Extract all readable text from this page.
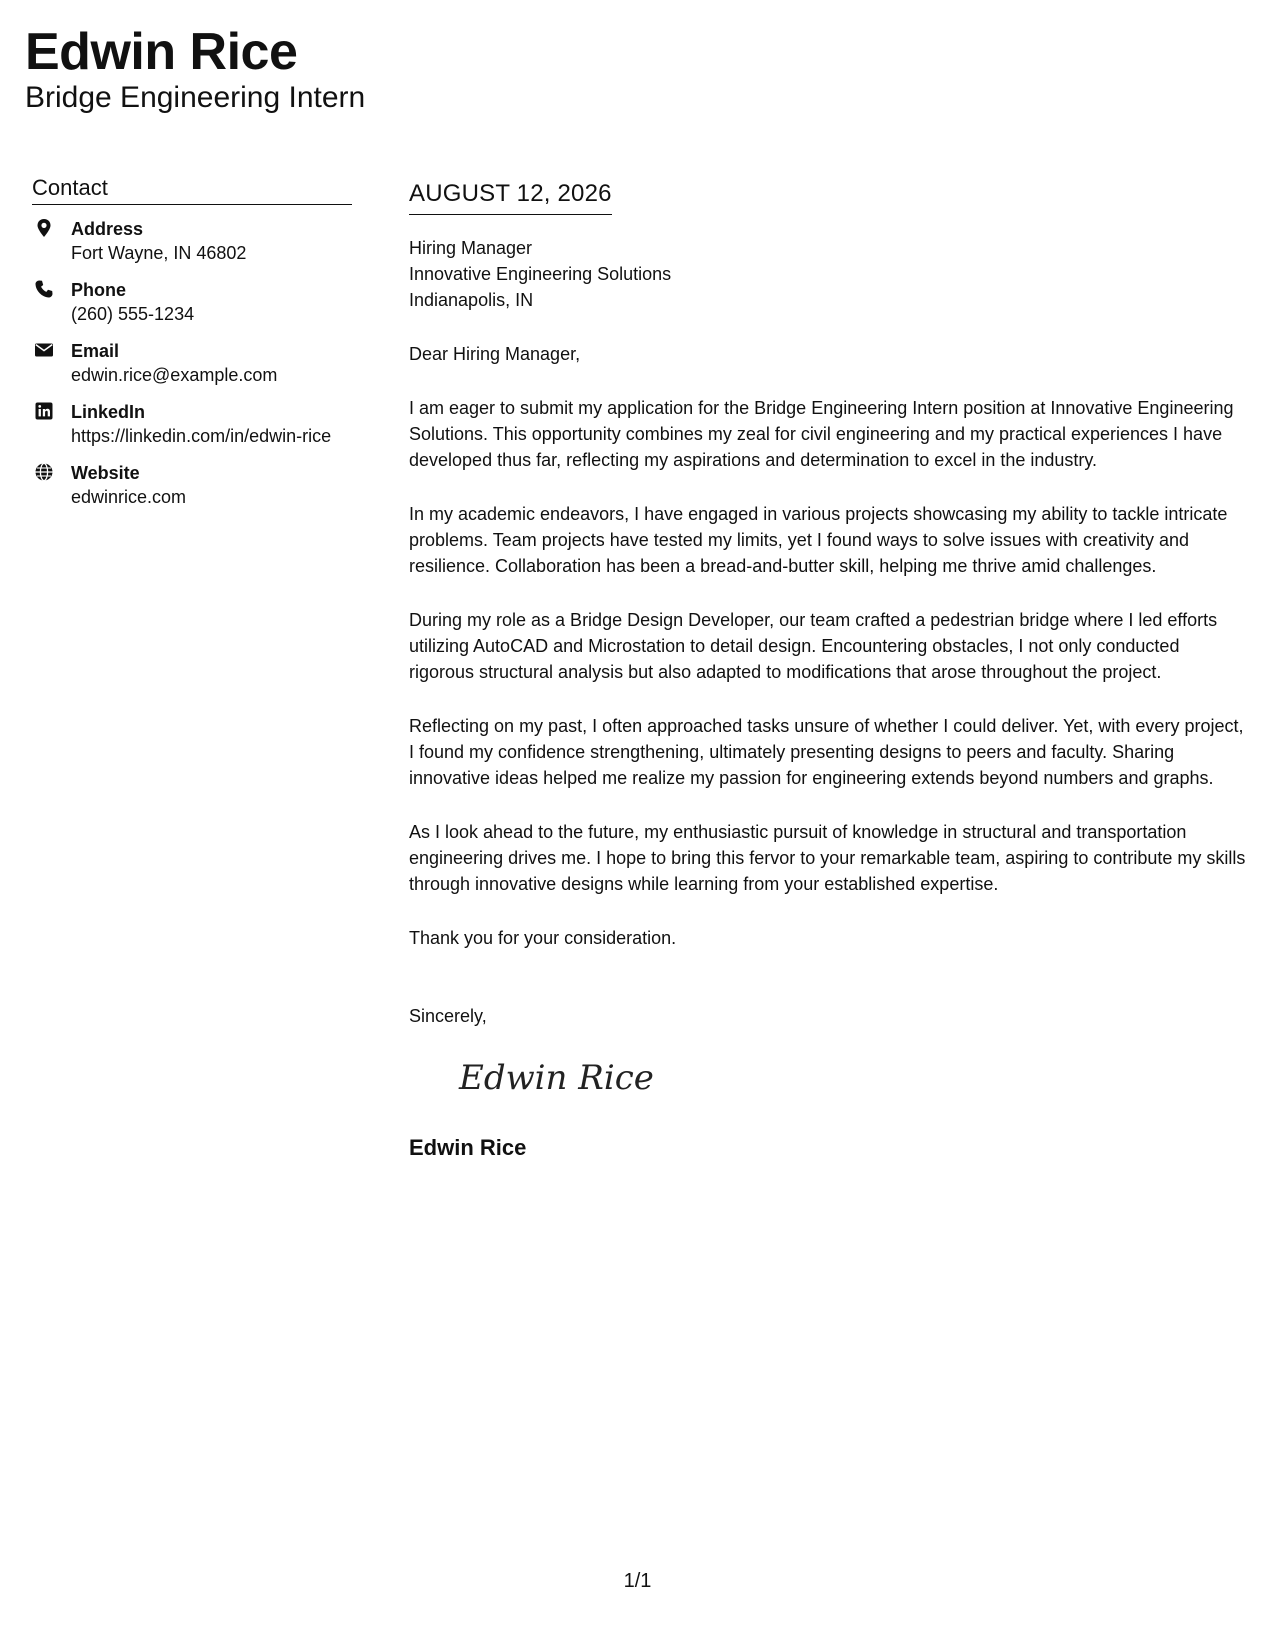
Edwin Rice
Bridge Engineering Intern
Contact
Address
Fort Wayne, IN 46802
Phone
(260) 555-1234
Email
edwin.rice@example.com
LinkedIn
https://linkedin.com/in/edwin-rice
Website
edwinrice.com
AUGUST 12, 2026
Hiring Manager
Innovative Engineering Solutions
Indianapolis, IN

Dear Hiring Manager,

I am eager to submit my application for the Bridge Engineering Intern position at Innovative Engineering Solutions. This opportunity combines my zeal for civil engineering and my practical experiences I have developed thus far, reflecting my aspirations and determination to excel in the industry.

In my academic endeavors, I have engaged in various projects showcasing my ability to tackle intricate problems. Team projects have tested my limits, yet I found ways to solve issues with creativity and resilience. Collaboration has been a bread-and-butter skill, helping me thrive amid challenges.

During my role as a Bridge Design Developer, our team crafted a pedestrian bridge where I led efforts utilizing AutoCAD and Microstation to detail design. Encountering obstacles, I not only conducted rigorous structural analysis but also adapted to modifications that arose throughout the project.

Reflecting on my past, I often approached tasks unsure of whether I could deliver. Yet, with every project, I found my confidence strengthening, ultimately presenting designs to peers and faculty. Sharing innovative ideas helped me realize my passion for engineering extends beyond numbers and graphs.

As I look ahead to the future, my enthusiastic pursuit of knowledge in structural and transportation engineering drives me. I hope to bring this fervor to your remarkable team, aspiring to contribute my skills through innovative designs while learning from your established expertise.

Thank you for your consideration.

Sincerely,

Edwin Rice
Edwin Rice
1/1
